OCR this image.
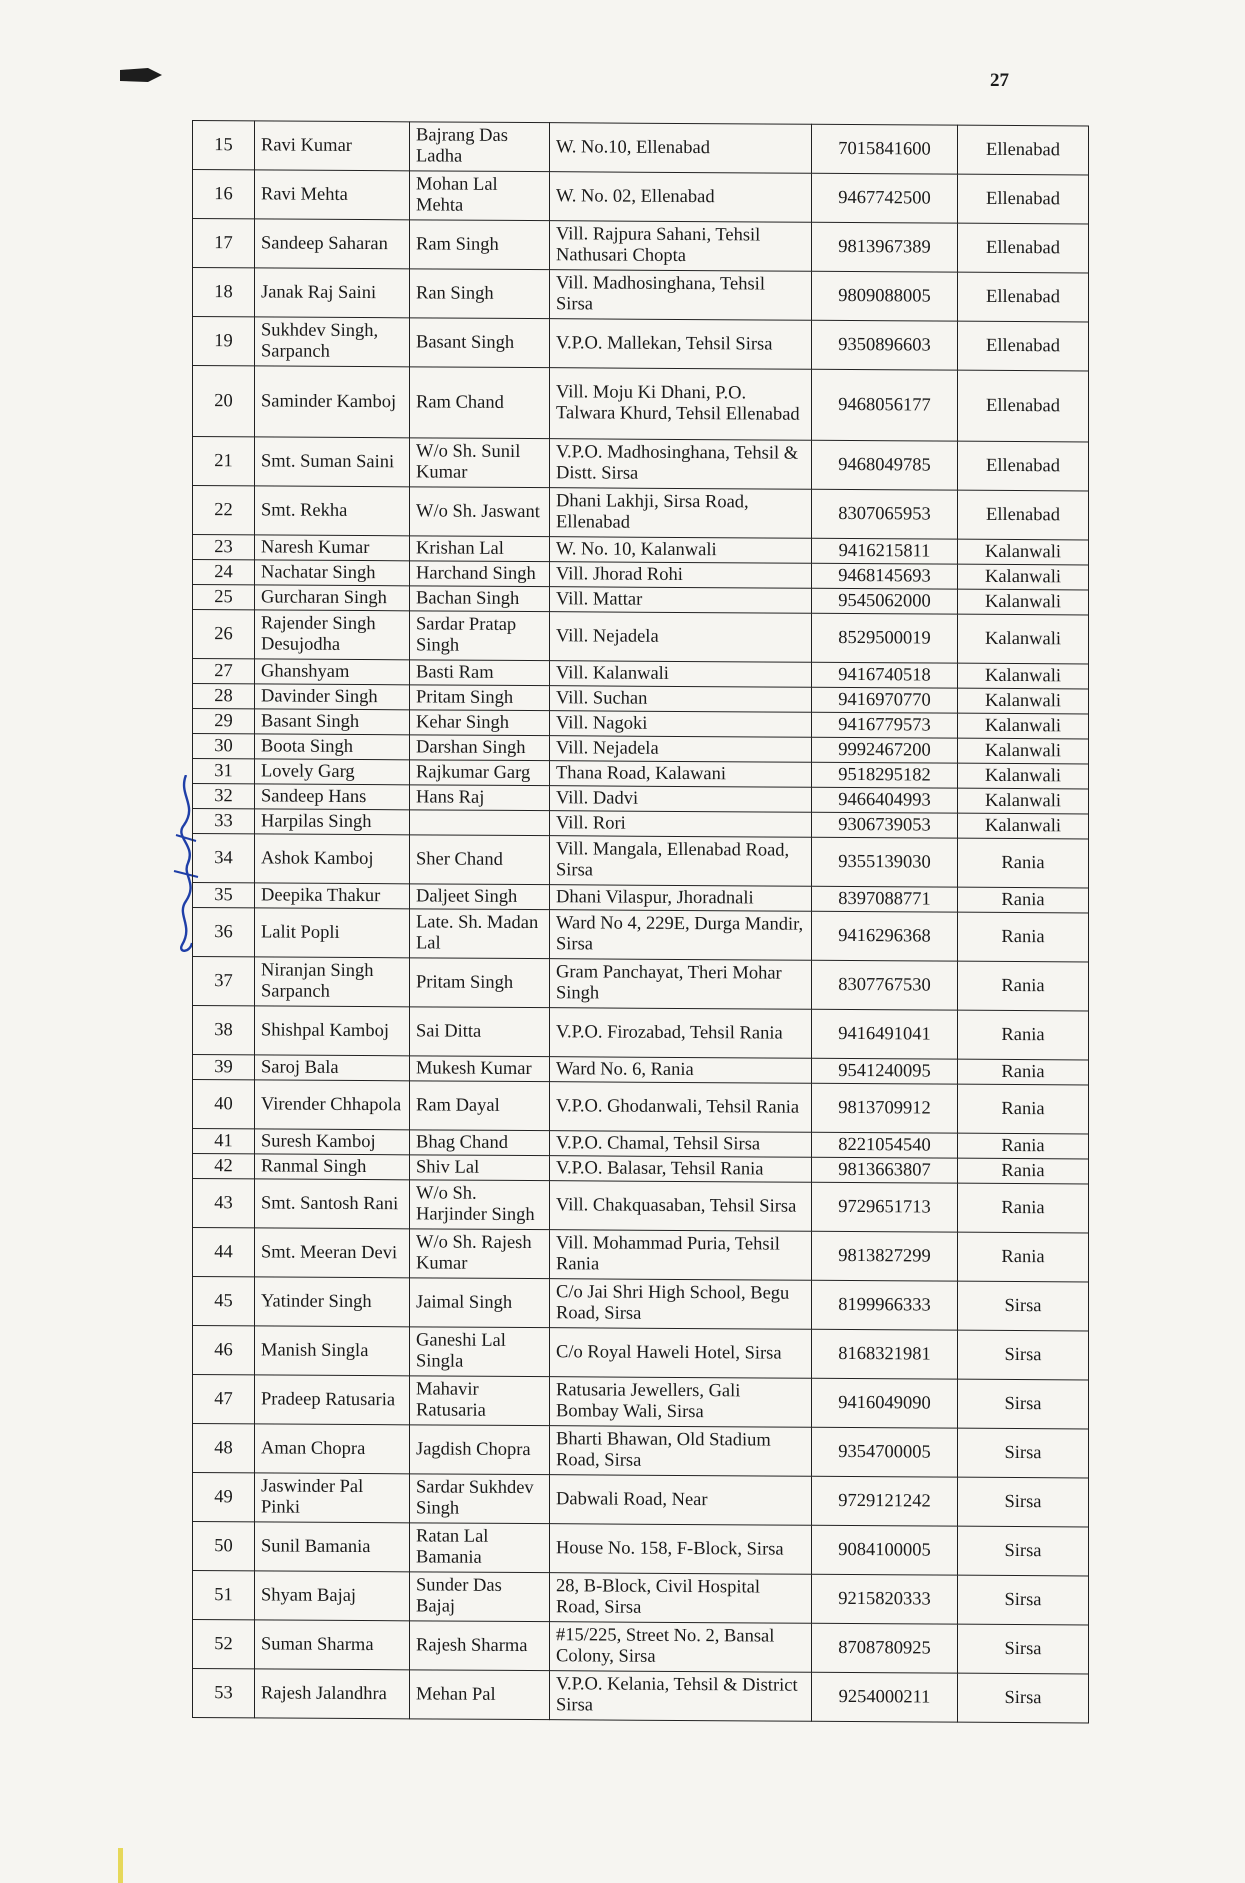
27
15	Ravi Kumar	Bajrang Das Ladha	W. No.10, Ellenabad	7015841600	Ellenabad
16	Ravi Mehta	Mohan Lal Mehta	W. No. 02, Ellenabad	9467742500	Ellenabad
17	Sandeep Saharan	Ram Singh	Vill. Rajpura Sahani, Tehsil Nathusari Chopta	9813967389	Ellenabad
18	Janak Raj Saini	Ran Singh	Vill. Madhosinghana, Tehsil Sirsa	9809088005	Ellenabad
19	Sukhdev Singh, Sarpanch	Basant Singh	V.P.O. Mallekan, Tehsil Sirsa	9350896603	Ellenabad
20	Saminder Kamboj	Ram Chand	Vill. Moju Ki Dhani, P.O. Talwara Khurd, Tehsil Ellenabad	9468056177	Ellenabad
21	Smt. Suman Saini	W/o Sh. Sunil Kumar	V.P.O. Madhosinghana, Tehsil & Distt. Sirsa	9468049785	Ellenabad
22	Smt. Rekha	W/o Sh. Jaswant	Dhani Lakhji, Sirsa Road, Ellenabad	8307065953	Ellenabad
23	Naresh Kumar	Krishan Lal	W. No. 10, Kalanwali	9416215811	Kalanwali
24	Nachatar Singh	Harchand Singh	Vill. Jhorad Rohi	9468145693	Kalanwali
25	Gurcharan Singh	Bachan Singh	Vill. Mattar	9545062000	Kalanwali
26	Rajender Singh Desujodha	Sardar Pratap Singh	Vill. Nejadela	8529500019	Kalanwali
27	Ghanshyam	Basti Ram	Vill. Kalanwali	9416740518	Kalanwali
28	Davinder Singh	Pritam Singh	Vill. Suchan	9416970770	Kalanwali
29	Basant Singh	Kehar Singh	Vill. Nagoki	9416779573	Kalanwali
30	Boota Singh	Darshan Singh	Vill. Nejadela	9992467200	Kalanwali
31	Lovely Garg	Rajkumar Garg	Thana Road, Kalawani	9518295182	Kalanwali
32	Sandeep Hans	Hans Raj	Vill. Dadvi	9466404993	Kalanwali
33	Harpilas Singh		Vill. Rori	9306739053	Kalanwali
34	Ashok Kamboj	Sher Chand	Vill. Mangala, Ellenabad Road, Sirsa	9355139030	Rania
35	Deepika Thakur	Daljeet Singh	Dhani Vilaspur, Jhoradnali	8397088771	Rania
36	Lalit Popli	Late. Sh. Madan Lal	Ward No 4, 229E, Durga Mandir, Sirsa	9416296368	Rania
37	Niranjan Singh Sarpanch	Pritam Singh	Gram Panchayat, Theri Mohar Singh	8307767530	Rania
38	Shishpal Kamboj	Sai Ditta	V.P.O. Firozabad, Tehsil Rania	9416491041	Rania
39	Saroj Bala	Mukesh Kumar	Ward No. 6, Rania	9541240095	Rania
40	Virender Chhapola	Ram Dayal	V.P.O. Ghodanwali, Tehsil Rania	9813709912	Rania
41	Suresh Kamboj	Bhag Chand	V.P.O. Chamal, Tehsil Sirsa	8221054540	Rania
42	Ranmal Singh	Shiv Lal	V.P.O. Balasar, Tehsil Rania	9813663807	Rania
43	Smt. Santosh Rani	W/o Sh. Harjinder Singh	Vill. Chakquasaban, Tehsil Sirsa	9729651713	Rania
44	Smt. Meeran Devi	W/o Sh. Rajesh Kumar	Vill. Mohammad Puria, Tehsil Rania	9813827299	Rania
45	Yatinder Singh	Jaimal Singh	C/o Jai Shri High School, Begu Road, Sirsa	8199966333	Sirsa
46	Manish Singla	Ganeshi Lal Singla	C/o Royal Haweli Hotel, Sirsa	8168321981	Sirsa
47	Pradeep Ratusaria	Mahavir Ratusaria	Ratusaria Jewellers, Gali Bombay Wali, Sirsa	9416049090	Sirsa
48	Aman Chopra	Jagdish Chopra	Bharti Bhawan, Old Stadium Road, Sirsa	9354700005	Sirsa
49	Jaswinder Pal Pinki	Sardar Sukhdev Singh	Dabwali Road, Near	9729121242	Sirsa
50	Sunil Bamania	Ratan Lal Bamania	House No. 158, F-Block, Sirsa	9084100005	Sirsa
51	Shyam Bajaj	Sunder Das Bajaj	28, B-Block, Civil Hospital Road, Sirsa	9215820333	Sirsa
52	Suman Sharma	Rajesh Sharma	#15/225, Street No. 2, Bansal Colony, Sirsa	8708780925	Sirsa
53	Rajesh Jalandhra	Mehan Pal	V.P.O. Kelania, Tehsil & District Sirsa	9254000211	Sirsa
